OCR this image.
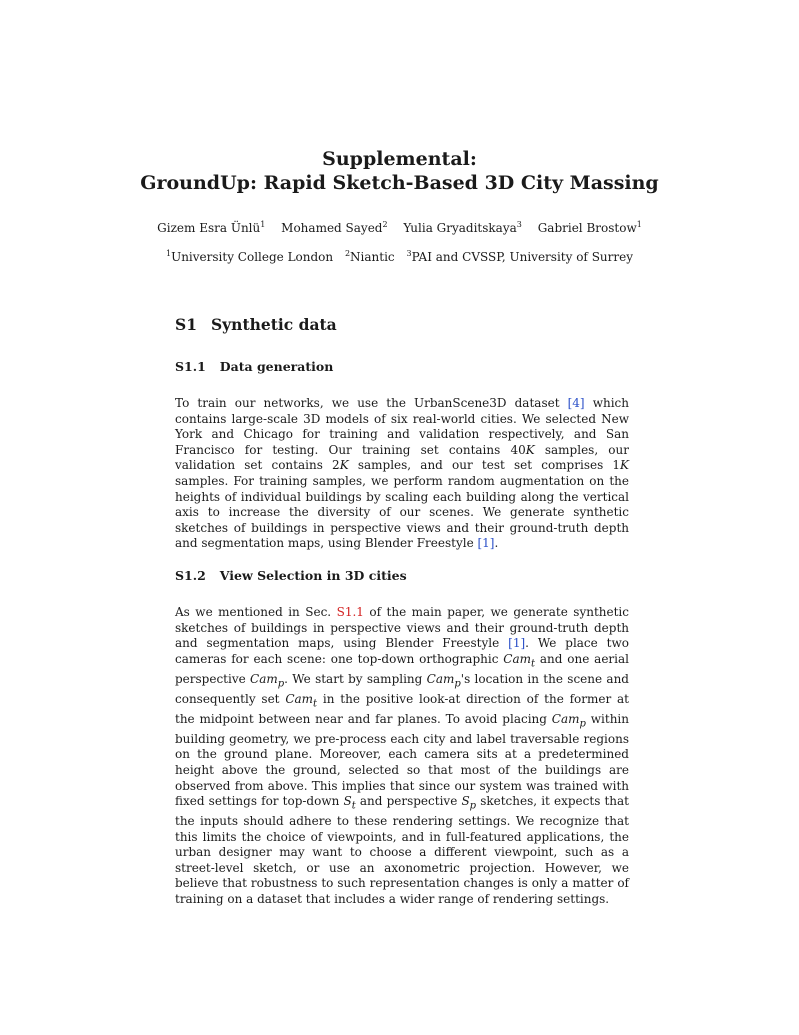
Supplemental:
GroundUp: Rapid Sketch-Based 3D City Massing
Gizem Esra Ünlü$^1$ Mohamed Sayed$^2$ Yulia Gryaditskaya$^3$ Gabriel Brostow$^1$
$^1$University College London $^2$Niantic $^3$PAI and CVSSP, University of Surrey
S1 Synthetic data
S1.1 Data generation
To train our networks, we use the UrbanScene3D dataset [4] which contains large-scale 3D models of six real-world cities. We selected New York and Chicago for training and validation respectively, and San Francisco for testing. Our training set contains 40K samples, our validation set contains 2K samples, and our test set comprises 1K samples. For training samples, we perform random augmentation on the heights of individual buildings by scaling each building along the vertical axis to increase the diversity of our scenes. We generate synthetic sketches of buildings in perspective views and their ground-truth depth and segmentation maps, using Blender Freestyle [1].
S1.2 View Selection in 3D cities
As we mentioned in Sec. S1.1 of the main paper, we generate synthetic sketches of buildings in perspective views and their ground-truth depth and segmentation maps, using Blender Freestyle [1]. We place two cameras for each scene: one top-down orthographic Cam$_t$ and one aerial perspective Cam$_p$. We start by sampling Cam$_p$'s location in the scene and consequently set Cam$_t$ in the positive look-at direction of the former at the midpoint between near and far planes. To avoid placing Cam$_p$ within building geometry, we pre-process each city and label traversable regions on the ground plane. Moreover, each camera sits at a predetermined height above the ground, selected so that most of the buildings are observed from above. This implies that since our system was trained with fixed settings for top-down $S_t$ and perspective $S_p$ sketches, it expects that the inputs should adhere to these rendering settings. We recognize that this limits the choice of viewpoints, and in full-featured applications, the urban designer may want to choose a different viewpoint, such as a street-level sketch, or use an axonometric projection. However, we believe that robustness to such representation changes is only a matter of training on a dataset that includes a wider range of rendering settings.
